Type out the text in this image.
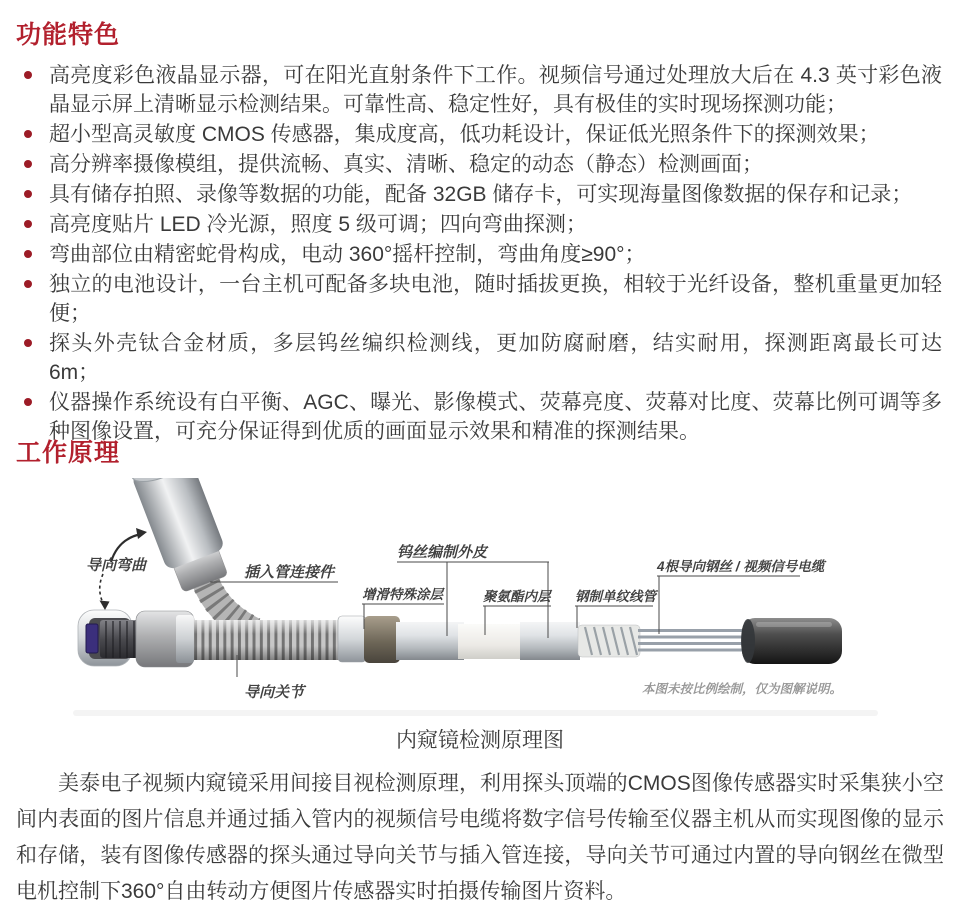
功能特色
高亮度彩色液晶显示器，可在阳光直射条件下工作。视频信号通过处理放大后在 4.3 英寸彩色液晶显示屏上清晰显示检测结果。可靠性高、稳定性好，具有极佳的实时现场探测功能；
超小型高灵敏度 CMOS 传感器，集成度高，低功耗设计，保证低光照条件下的探测效果；
高分辨率摄像模组，提供流畅、真实、清晰、稳定的动态（静态）检测画面；
具有储存拍照、录像等数据的功能，配备 32GB 储存卡，可实现海量图像数据的保存和记录；
高亮度贴片 LED 冷光源，照度 5 级可调；四向弯曲探测；
弯曲部位由精密蛇骨构成，电动 360°摇杆控制，弯曲角度≥90°；
独立的电池设计，一台主机可配备多块电池，随时插拔更换，相较于光纤设备，整机重量更加轻便；
探头外壳钛合金材质，多层钨丝编织检测线，更加防腐耐磨，结实耐用，探测距离最长可达 6m；
仪器操作系统设有白平衡、AGC、曝光、影像模式、荧幕亮度、荧幕对比度、荧幕比例可调等多种图像设置，可充分保证得到优质的画面显示效果和精准的探测结果。
工作原理
导向弯曲	插入管连接件
导向关节
钨丝编制外皮
增滑特殊涂层	聚氨酯内层 钢制单纹线管
4根导向钢丝 / 视频信号电缆
本图未按比例绘制，仅为图解说明。
内窥镜检测原理图

美泰电子视频内窥镜采用间接目视检测原理，利用探头顶端的CMOS图像传感器实时采集狭小空间内表面的图片信息并通过插入管内的视频信号电缆将数字信号传输至仪器主机从而实现图像的显示和存储，装有图像传感器的探头通过导向关节与插入管连接，导向关节可通过内置的导向钢丝在微型电机控制下360°自由转动方便图片传感器实时拍摄传输图片资料。
